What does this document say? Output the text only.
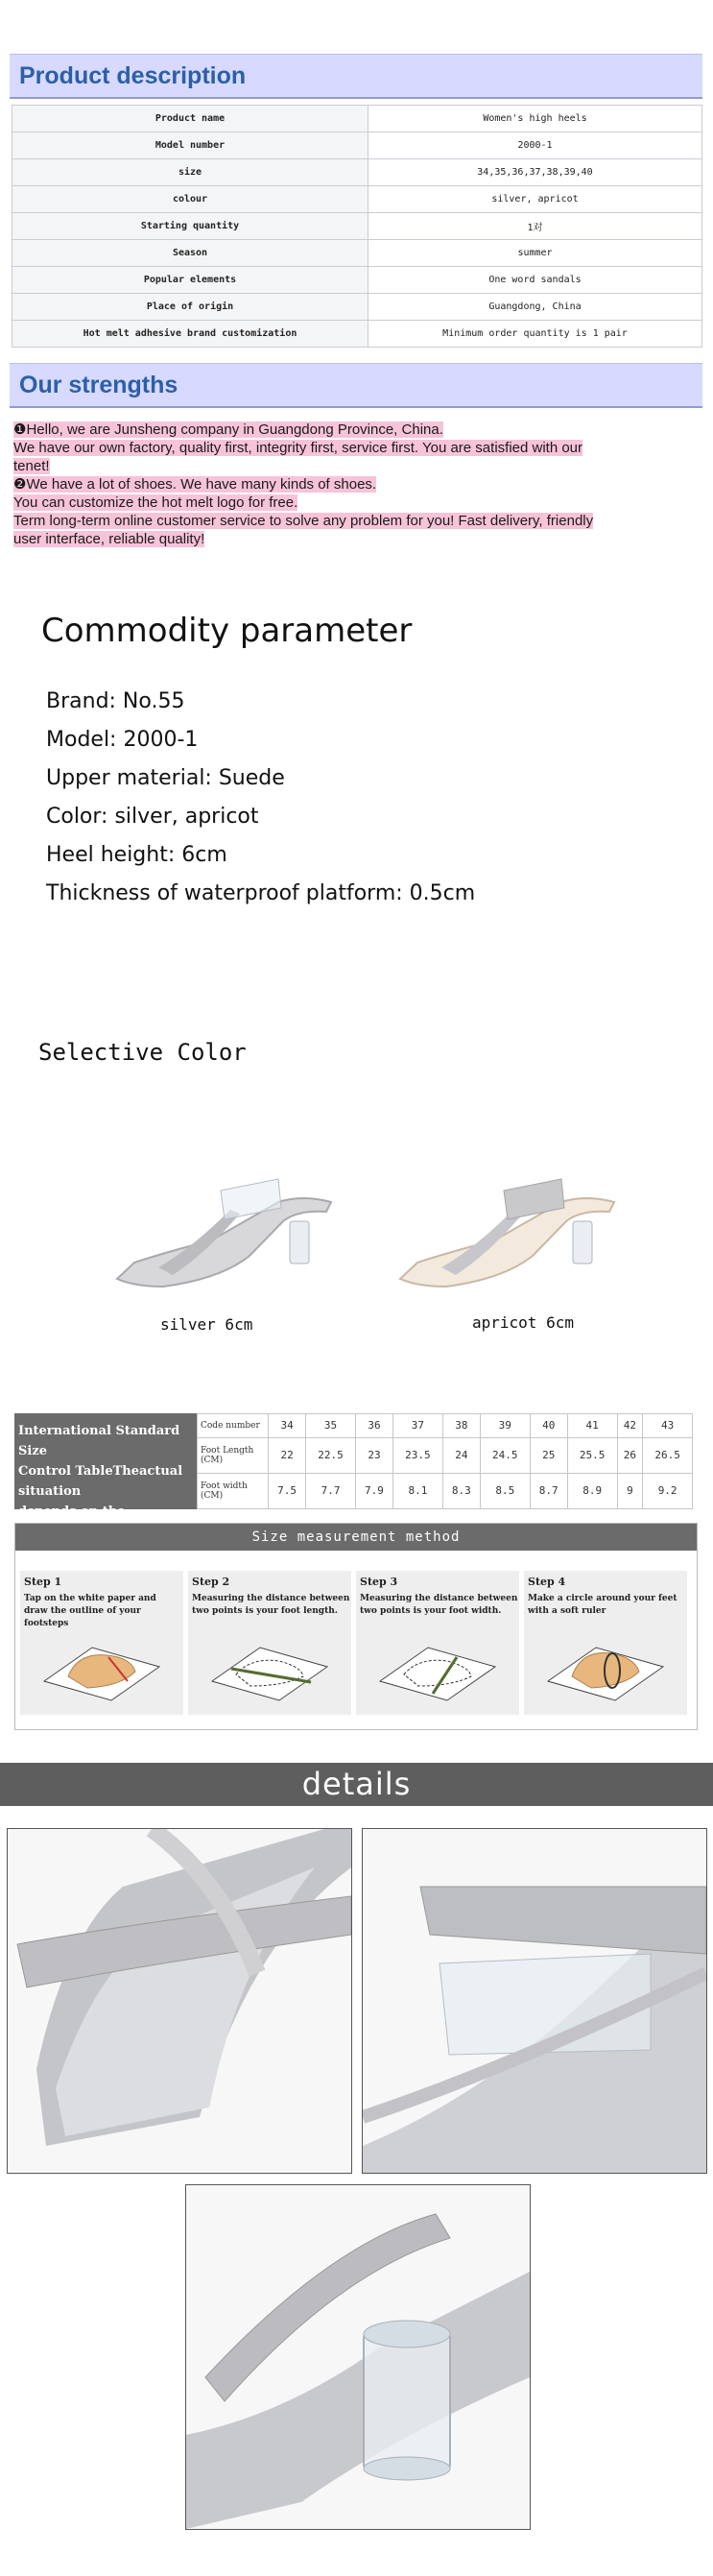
Product description
Product name	Women's high heels
Model number	2000-1
size	34,35,36,37,38,39,40
colour	silver, apricot
Starting quantity	1对
Season	summer
Popular elements	One word sandals
Place of origin	Guangdong, China
Hot melt adhesive brand customization	Minimum order quantity is 1 pair
Our strengths
❶Hello, we are Junsheng company in Guangdong Province, China.
We have our own factory, quality first, integrity first, service first. You are satisfied with our
tenet!
❷We have a lot of shoes. We have many kinds of shoes.
You can customize the hot melt logo for free.
Term long-term online customer service to solve any problem for you! Fast delivery, friendly
user interface, reliable quality!
Commodity parameter
Brand: No.55
Model: 2000-1
Upper material: Suede
Color: silver, apricot
Heel height: 6cm
Thickness of waterproof platform: 0.5cm
Selective Color
silver 6cm	apricot 6cm
International Standard Size
Control TableTheactual situation
depends on the
Code number	34	35	36	37	38	39	40	41	42	43
Foot Length (CM)	22	22.5	23	23.5	24	24.5	25	25.5	26	26.5
Foot width (CM)	7.5	7.7	7.9	8.1	8.3	8.5	8.7	8.9	9	9.2
Size measurement method
Step 1
Tap on the white paper and draw the outline of your footsteps
Step 2
Measuring the distance between two points is your foot length.
Step 3
Measuring the distance between two points is your foot width.
Step 4
Make a circle around your feet with a soft ruler
details
